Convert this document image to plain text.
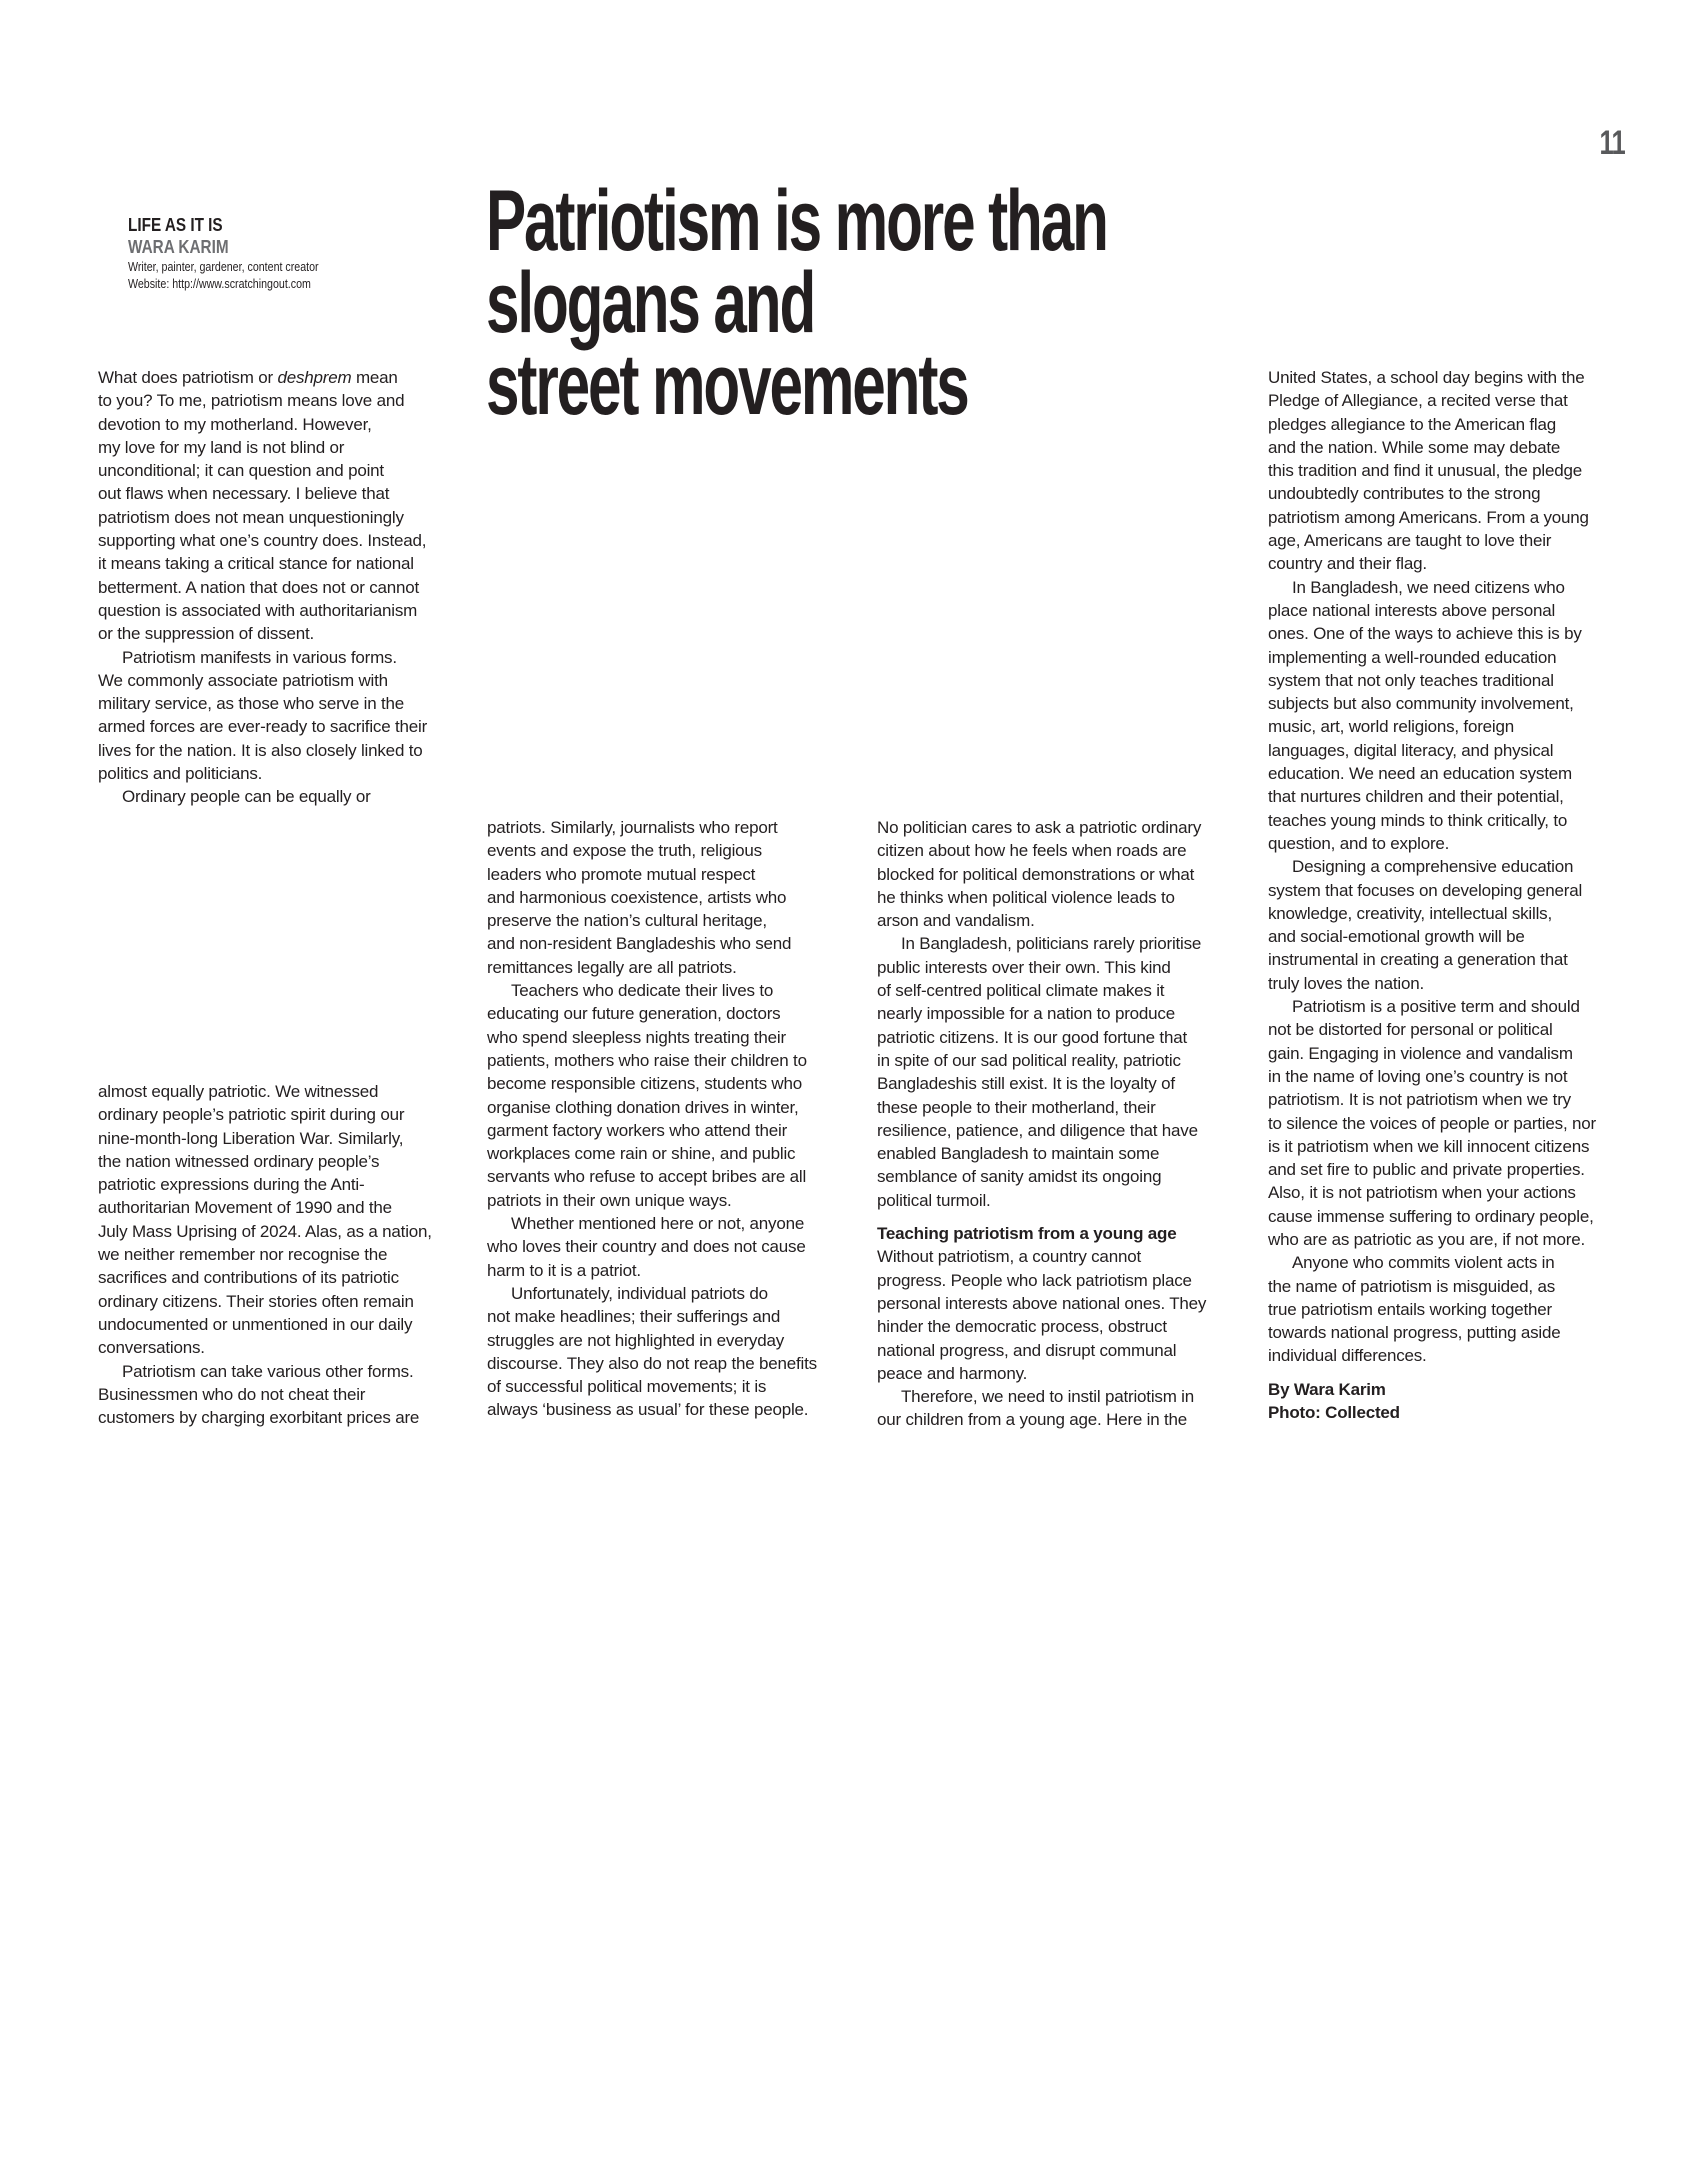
11
LIFE AS IT IS
WARA KARIM
Writer, painter, gardener, content creator
Website: http://www.scratchingout.com
Patriotism is more than slogans and
street movements

What does patriotism or deshprem mean

to you? To me, patriotism means love and

devotion to my motherland. However,

my love for my land is not blind or

unconditional; it can question and point

out flaws when necessary. I believe that

patriotism does not mean unquestioningly

supporting what one’s country does. Instead,

it means taking a critical stance for national

betterment. A nation that does not or cannot

question is associated with authoritarianism

or the suppression of dissent.

Patriotism manifests in various forms.

We commonly associate patriotism with

military service, as those who serve in the

armed forces are ever-ready to sacrifice their

lives for the nation. It is also closely linked to

politics and politicians.

Ordinary people can be equally or

almost equally patriotic. We witnessed

ordinary people’s patriotic spirit during our

nine-month-long Liberation War. Similarly,

the nation witnessed ordinary people’s

patriotic expressions during the Anti-

authoritarian Movement of 1990 and the

July Mass Uprising of 2024. Alas, as a nation,

we neither remember nor recognise the

sacrifices and contributions of its patriotic

ordinary citizens. Their stories often remain

undocumented or unmentioned in our daily

conversations.

Patriotism can take various other forms.

Businessmen who do not cheat their

customers by charging exorbitant prices are

patriots. Similarly, journalists who report

events and expose the truth, religious

leaders who promote mutual respect

and harmonious coexistence, artists who

preserve the nation’s cultural heritage,

and non-resident Bangladeshis who send

remittances legally are all patriots.

Teachers who dedicate their lives to

educating our future generation, doctors

who spend sleepless nights treating their

patients, mothers who raise their children to

become responsible citizens, students who

organise clothing donation drives in winter,

garment factory workers who attend their

workplaces come rain or shine, and public

servants who refuse to accept bribes are all

patriots in their own unique ways.

Whether mentioned here or not, anyone

who loves their country and does not cause

harm to it is a patriot.

Unfortunately, individual patriots do

not make headlines; their sufferings and

struggles are not highlighted in everyday

discourse. They also do not reap the benefits

of successful political movements; it is

always ‘business as usual’ for these people.

No politician cares to ask a patriotic ordinary

citizen about how he feels when roads are

blocked for political demonstrations or what

he thinks when political violence leads to

arson and vandalism.

In Bangladesh, politicians rarely prioritise

public interests over their own. This kind

of self-centred political climate makes it

nearly impossible for a nation to produce

patriotic citizens. It is our good fortune that

in spite of our sad political reality, patriotic

Bangladeshis still exist. It is the loyalty of

these people to their motherland, their

resilience, patience, and diligence that have

enabled Bangladesh to maintain some

semblance of sanity amidst its ongoing

political turmoil.

Teaching patriotism from a young age

Without patriotism, a country cannot

progress. People who lack patriotism place

personal interests above national ones. They

hinder the democratic process, obstruct

national progress, and disrupt communal

peace and harmony.

Therefore, we need to instil patriotism in

our children from a young age. Here in the

United States, a school day begins with the

Pledge of Allegiance, a recited verse that

pledges allegiance to the American flag

and the nation. While some may debate

this tradition and find it unusual, the pledge

undoubtedly contributes to the strong

patriotism among Americans. From a young

age, Americans are taught to love their

country and their flag.

In Bangladesh, we need citizens who

place national interests above personal

ones. One of the ways to achieve this is by

implementing a well-rounded education

system that not only teaches traditional

subjects but also community involvement,

music, art, world religions, foreign

languages, digital literacy, and physical

education. We need an education system

that nurtures children and their potential,

teaches young minds to think critically, to

question, and to explore.

Designing a comprehensive education

system that focuses on developing general

knowledge, creativity, intellectual skills,

and social-emotional growth will be

instrumental in creating a generation that

truly loves the nation.

Patriotism is a positive term and should

not be distorted for personal or political

gain. Engaging in violence and vandalism

in the name of loving one’s country is not

patriotism. It is not patriotism when we try

to silence the voices of people or parties, nor

is it patriotism when we kill innocent citizens

and set fire to public and private properties.

Also, it is not patriotism when your actions

cause immense suffering to ordinary people,

who are as patriotic as you are, if not more.

Anyone who commits violent acts in

the name of patriotism is misguided, as

true patriotism entails working together

towards national progress, putting aside

individual differences.

By Wara Karim

Photo: Collected
